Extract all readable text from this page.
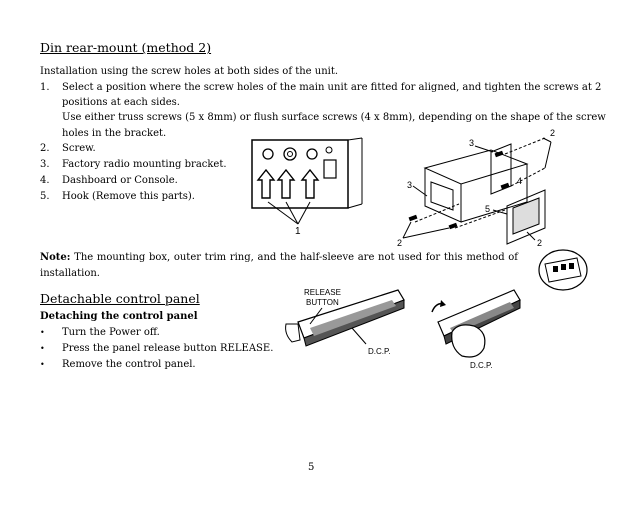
Din rear-mount (method 2)
Installation using the screw holes at both sides of the unit.
1. Select a position where the screw holes of the main unit are fitted for aligned, and tighten the screws at 2
positions at each sides.
Use either truss screws (5 x 8mm) or flush surface screws (4 x 8mm), depending on the shape of the screw
holes in the bracket.
2. Screw.
3. Factory radio mounting bracket.
4. Dashboard or Console.
5. Hook (Remove this parts).
Note: The mounting box, outer trim ring, and the half-sleeve are not used for this method of installation.
1
2
2
2
3
3
5
4
Detachable control panel
Detaching the control panel
• Turn the Power off.
• Press the panel release button RELEASE.
• Remove the control panel.
RELEASE
BUTTON
D.C.P.
D.C.P.
5
